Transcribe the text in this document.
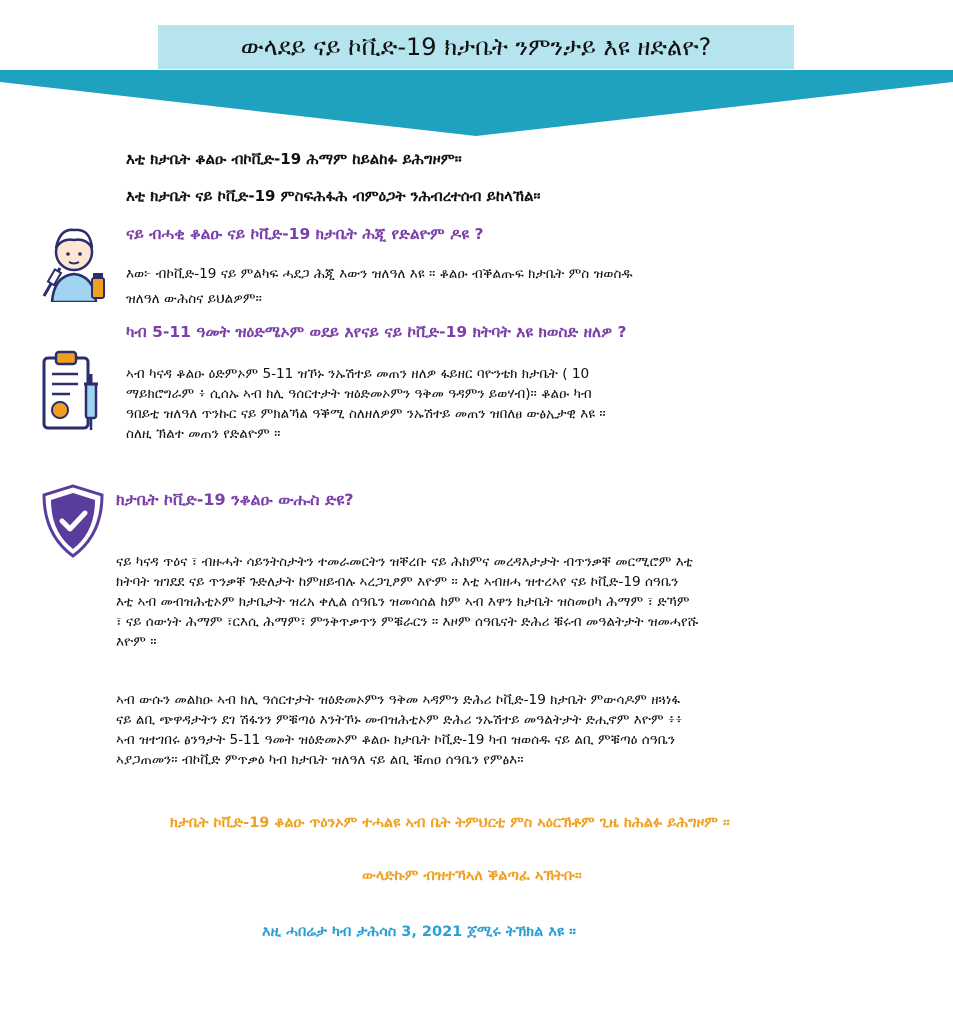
ውላደይ ናይ ኮቪድ-19 ክታቤት ንምንታይ እዩ ዘድልዮ?
እቲ ክታቤት ቆልዑ ብኮቪድ-19 ሕማም ከይልከፉ ይሕግዞም።
እቲ ክታቤት ናይ ኮቪድ-19 ምስፍሕፋሕ ብምዕጋት ንሕብረተሰብ ይከላኸል።
ናይ ብሓቂ ቆልዑ ናይ ኮቪድ-19 ክታቤት ሕጂ የድልዮም ዶዩ ?
እወ፦ ብኮቪድ-19 ናይ ምልካፍ ሓደጋ ሕጂ እውን ዝለዓለ እዩ ። ቆልዑ ብቕልጡፍ ክታቤት ምስ ዝወስዱ
ዝለዓለ ውሕስና ይህልዎም።
ካብ 5-11 ዓመት ዝዕድሜኦም ወደይ እየናይ ናይ ኮቪድ-19 ክትባት እዩ ክወስድ ዘለዎ ?
ኣብ ካናዳ ቆልዑ ዕድምኦም 5-11 ዝኾኑ ንኡሽተይ መጠን ዘለዎ ፋይዘር ባዮንቴክ ክታቤት ( 10
ማይክሮግራም ፥ ሲሰኡ ኣብ ክሊ ዓሰርተታት ዝዕድመኦምን ዓቅመ ዓዳምን ይወሃብ)። ቆልዑ ካብ
ዓበይቲ ዝለዓለ ጥንኩር ናይ ምክልኻል ዓቕሚ ስለዘለዎም ንኡሽተይ መጠን ዝበለፀ ውፅኢታዊ እዩ ።
ስለዚ ኽልተ መጠን የድልዮም ።
ክታቤት ኮቪድ-19 ንቆልዑ ውሑስ ድዩ?
ናይ ካናዳ ጥዕና ፣ ብዙሓት ሳይንትስታትን ተመራመርትን ዝቐረቡ ናይ ሕክምና መረዳእታታት ብጥንቃቐ መርሚሮም እቲ
ክትባት ዝገደደ ናይ ጥንቃቐ ጉድለታት ከምዘይብሉ ኣረጋጊፆም እዮም ። እቲ ኣብዘሓ ዝተረኣየ ናይ ኮቪድ-19 ሰዓቤን
እቲ ኣብ መብዝሕቲኦም ክታቤታት ዝረአ ቀሊል ሰዓቤን ዝመሳሰል ከም ኣብ እዋን ክታቤት ዝስመዐካ ሕማም ፣ ድኻም
፣ ናይ ሰውነት ሕማም ፣ርእሲ ሕማም፣ ምንቅጥቃጥን ምቑራርን ። እዞም ሰዓቤናት ድሕሪ ቑሩብ መዓልትታት ዝመሓየሹ
እዮም ።
ኣብ ውሱን መልክዑ ኣብ ክሊ ዓሰርተታት ዝዕድመኦምን ዓቅመ ኣዳምን ድሕሪ ኮቪድ-19 ክታቤት ምውሳዶም ዘጓነፋ
ናይ ልቢ ጭዋዳታትን ደገ ሽፋንን ምቑጣዕ እንትኾኑ መብዝሕቲኦም ድሕሪ ንኡሽተይ መዓልትታት ድሒኖም እዮም ፥፥
ኣብ ዝተገበሩ ፅንዓታት 5-11 ዓመት ዝዕድመኦም ቆልዑ ክታቤት ኮቪድ-19 ካብ ዝወሰዱ ናይ ልቢ ምቑጣዕ ሰዓቤን
ኣያጋጠመን። ብኮቪድ ምጥቃዕ ካብ ክታቤት ዝለዓለ ናይ ልቢ ቑጠዐ ሰዓቤን የምፅእ።
ክታቤት ኮቪድ-19 ቆልዑ ጥዕንኦም ተሓልዩ ኣብ ቤት ትምህርቲ ምስ ኣዕርኽቶም ጊዜ ከሕልፉ ይሕግዞም ።
ውላድኩም ብዝተኻኣለ ቕልጣፈ ኣኽትቡ።
እዚ ሓበሬታ ካብ ታሕሳስ 3, 2021 ጀሚሩ ትኽክል እዩ ።
